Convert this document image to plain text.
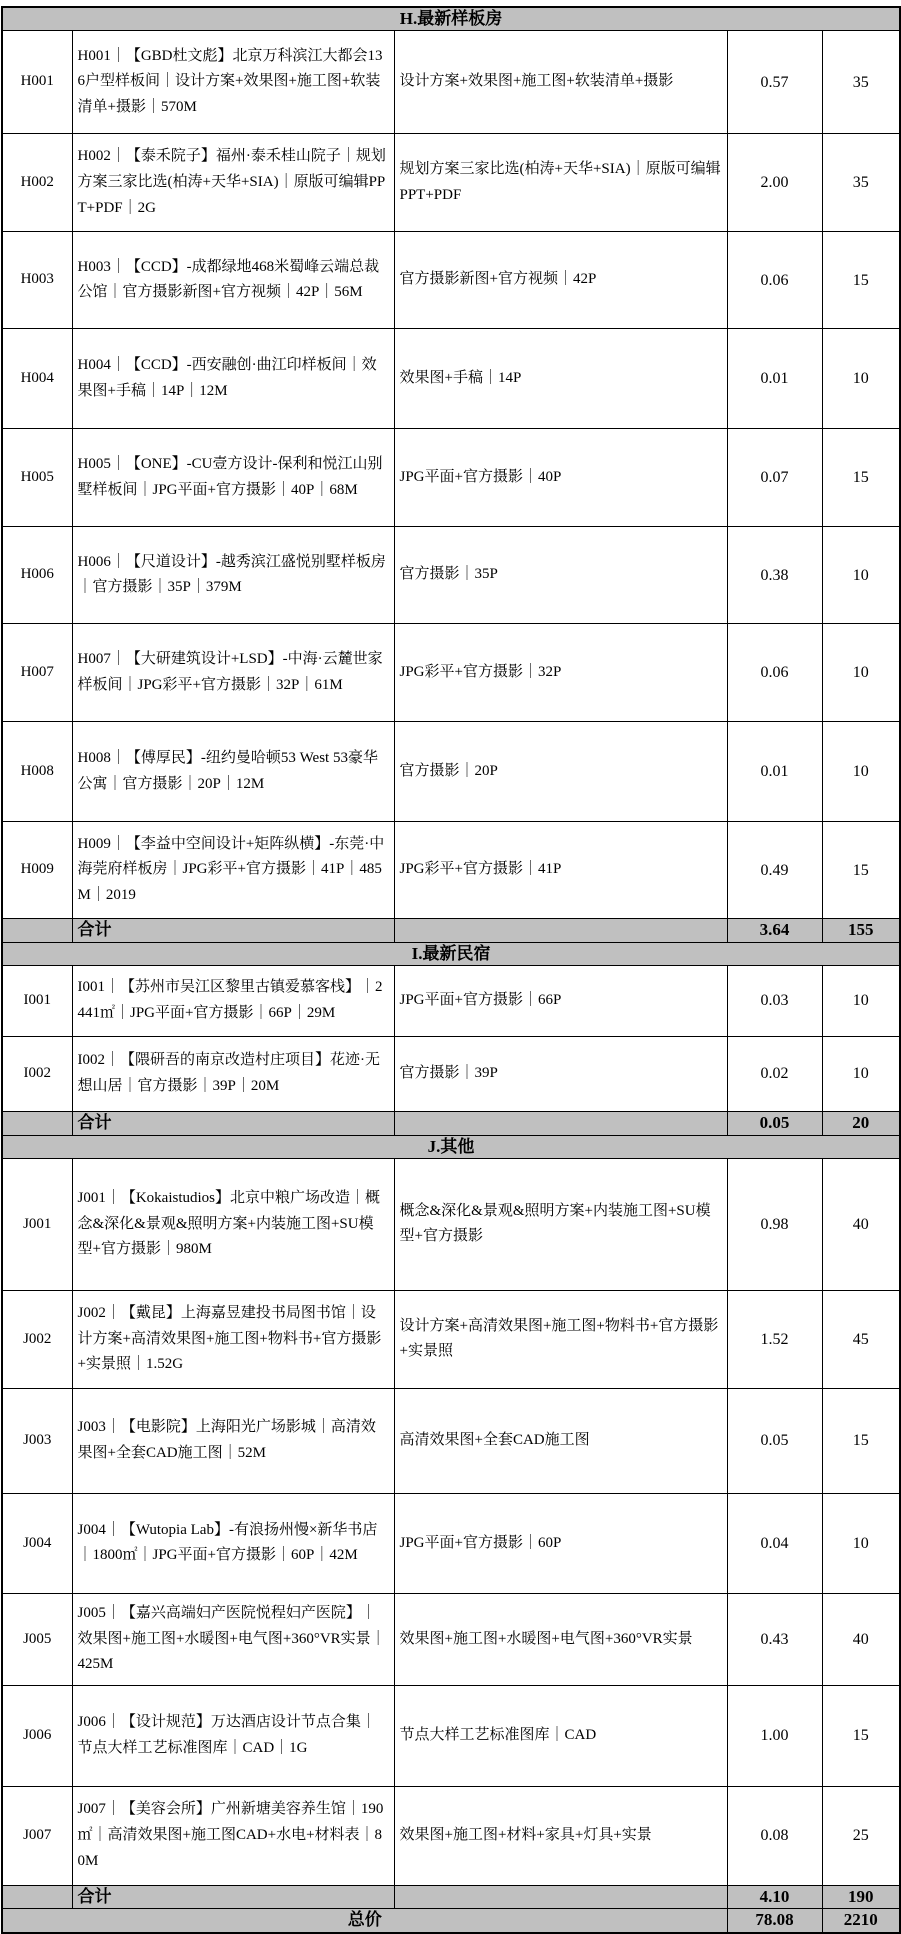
H.最新样板房				
H001	H001｜【GBD杜文彪】北京万科滨江大都会136户型样板间｜设计方案+效果图+施工图+软装清单+摄影｜570M	设计方案+效果图+施工图+软装清单+摄影	0.57	35
H002	H002｜【泰禾院子】福州·泰禾桂山院子｜规划方案三家比选(柏涛+天华+SIA)｜原版可编辑PPT+PDF｜2G	规划方案三家比选(柏涛+天华+SIA)｜原版可编辑PPT+PDF	2.00	35
H003	H003｜【CCD】-成都绿地468米蜀峰云端总裁公馆｜官方摄影新图+官方视频｜42P｜56M	官方摄影新图+官方视频｜42P	0.06	15
H004	H004｜【CCD】-西安融创·曲江印样板间｜效果图+手稿｜14P｜12M	效果图+手稿｜14P	0.01	10
H005	H005｜【ONE】-CU壹方设计-保利和悦江山别墅样板间｜JPG平面+官方摄影｜40P｜68M	JPG平面+官方摄影｜40P	0.07	15
H006	H006｜【尺道设计】-越秀滨江盛悦别墅样板房｜官方摄影｜35P｜379M	官方摄影｜35P	0.38	10
H007	H007｜【大研建筑设计+LSD】-中海·云麓世家样板间｜JPG彩平+官方摄影｜32P｜61M	JPG彩平+官方摄影｜32P	0.06	10
H008	H008｜【傅厚民】-纽约曼哈顿53 West 53豪华公寓｜官方摄影｜20P｜12M	官方摄影｜20P	0.01	10
H009	H009｜【李益中空间设计+矩阵纵横】-东莞·中海莞府样板房｜JPG彩平+官方摄影｜41P｜485M｜2019	JPG彩平+官方摄影｜41P	0.49	15
	合计		3.64	155
I.最新民宿				
I001	I001｜【苏州市吴江区黎里古镇爱慕客栈】｜2441㎡｜JPG平面+官方摄影｜66P｜29M	JPG平面+官方摄影｜66P	0.03	10
I002	I002｜【隈研吾的南京改造村庄项目】花迹·无想山居｜官方摄影｜39P｜20M	官方摄影｜39P	0.02	10
	合计		0.05	20
J.其他				
J001	J001｜【Kokaistudios】北京中粮广场改造｜概念&深化&景观&照明方案+内装施工图+SU模型+官方摄影｜980M	概念&深化&景观&照明方案+内装施工图+SU模型+官方摄影	0.98	40
J002	J002｜【戴昆】上海嘉昱建投书局图书馆｜设计方案+高清效果图+施工图+物料书+官方摄影+实景照｜1.52G	设计方案+高清效果图+施工图+物料书+官方摄影+实景照	1.52	45
J003	J003｜【电影院】上海阳光广场影城｜高清效果图+全套CAD施工图｜52M	高清效果图+全套CAD施工图	0.05	15
J004	J004｜【Wutopia Lab】-有浪扬州慢×新华书店｜1800㎡｜JPG平面+官方摄影｜60P｜42M	JPG平面+官方摄影｜60P	0.04	10
J005	J005｜【嘉兴高端妇产医院悦程妇产医院】｜效果图+施工图+水暖图+电气图+360°VR实景｜425M	效果图+施工图+水暖图+电气图+360°VR实景	0.43	40
J006	J006｜【设计规范】万达酒店设计节点合集｜节点大样工艺标准图库｜CAD｜1G	节点大样工艺标准图库｜CAD	1.00	15
J007	J007｜【美容会所】广州新塘美容养生馆｜190㎡｜高清效果图+施工图CAD+水电+材料表｜80M	效果图+施工图+材料+家具+灯具+实景	0.08	25
	合计		4.10	190
总价			78.08	2210
